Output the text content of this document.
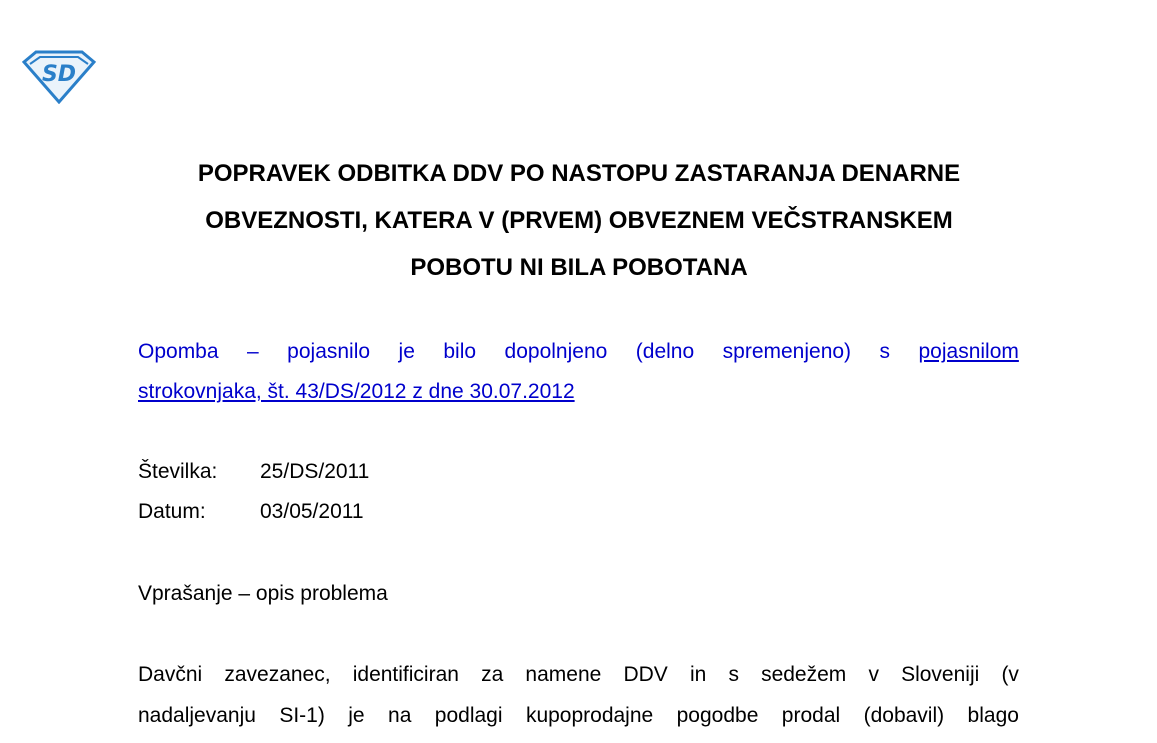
SD
POPRAVEK ODBITKA DDV PO NASTOPU ZASTARANJA DENARNE
OBVEZNOSTI, KATERA V (PRVEM) OBVEZNEM VEČSTRANSKEM
POBOTU NI BILA POBOTANA
Opomba – pojasnilo je bilo dopolnjeno (delno spremenjeno) s pojasnilom
strokovnjaka, št. 43/DS/2012 z dne 30.07.2012
Številka:	25/DS/2011
Datum:	03/05/2011
Vprašanje – opis problema
Davčni zavezanec, identificiran za namene DDV in s sedežem v Sloveniji (v
nadaljevanju SI-1) je na podlagi kupoprodajne pogodbe prodal (dobavil) blago
